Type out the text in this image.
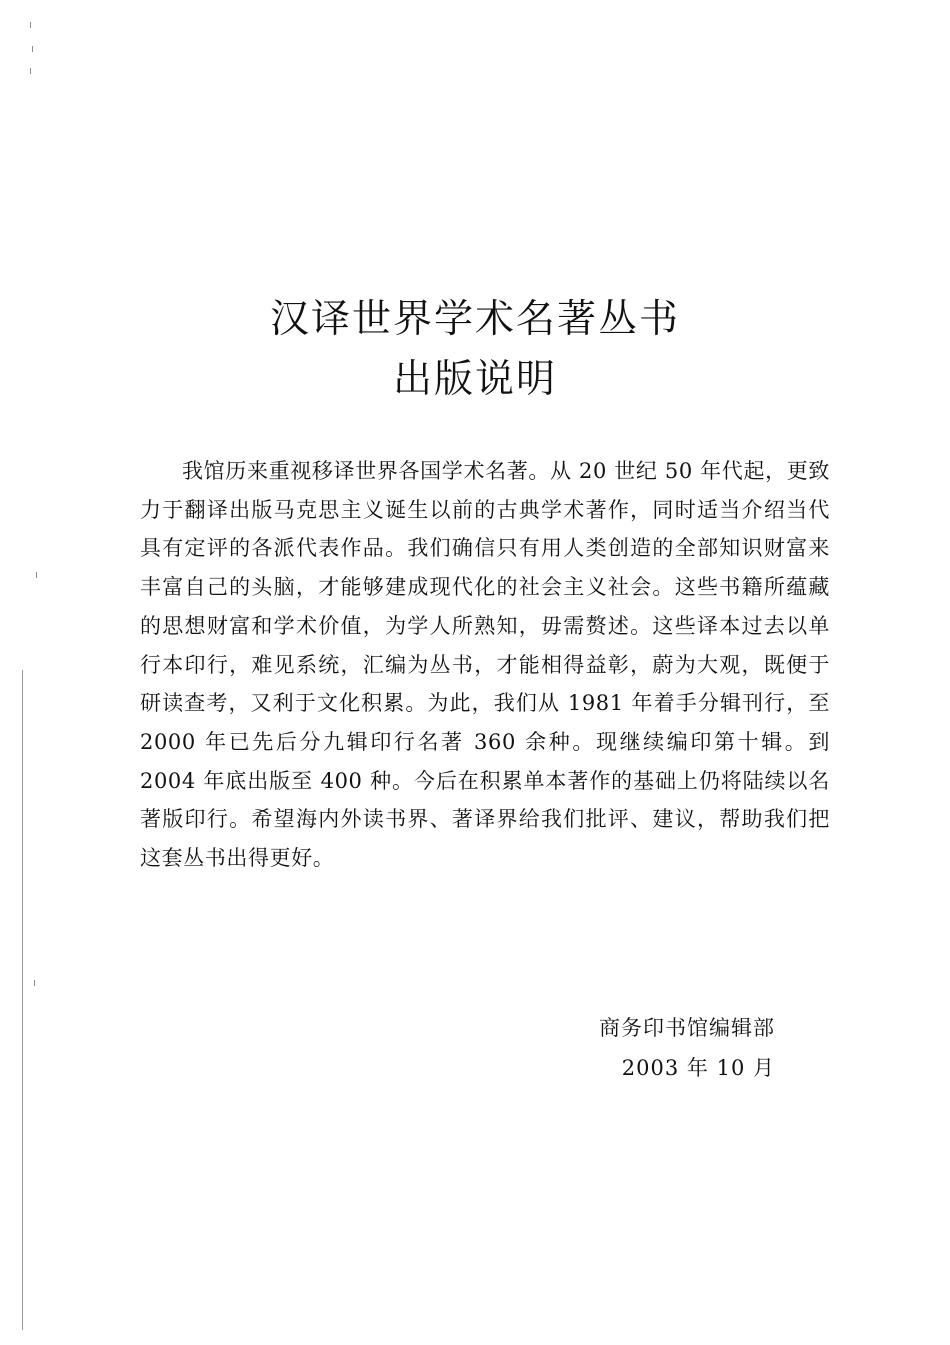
汉译世界学术名著丛书
出版说明

我馆历来重视移译世界各国学术名著。从 20 世纪 50 年代起，更致力于翻译出版马克思主义诞生以前的古典学术著作，同时适当介绍当代具有定评的各派代表作品。我们确信只有用人类创造的全部知识财富来丰富自己的头脑，才能够建成现代化的社会主义社会。这些书籍所蕴藏的思想财富和学术价值，为学人所熟知，毋需赘述。这些译本过去以单行本印行，难见系统，汇编为丛书，才能相得益彰，蔚为大观，既便于研读查考，又利于文化积累。为此，我们从 1981 年着手分辑刊行，至 2000 年已先后分九辑印行名著 360 余种。现继续编印第十辑。到 2004 年底出版至 400 种。今后在积累单本著作的基础上仍将陆续以名著版印行。希望海内外读书界、著译界给我们批评、建议，帮助我们把这套丛书出得更好。

商务印书馆编辑部
2003 年 10 月
